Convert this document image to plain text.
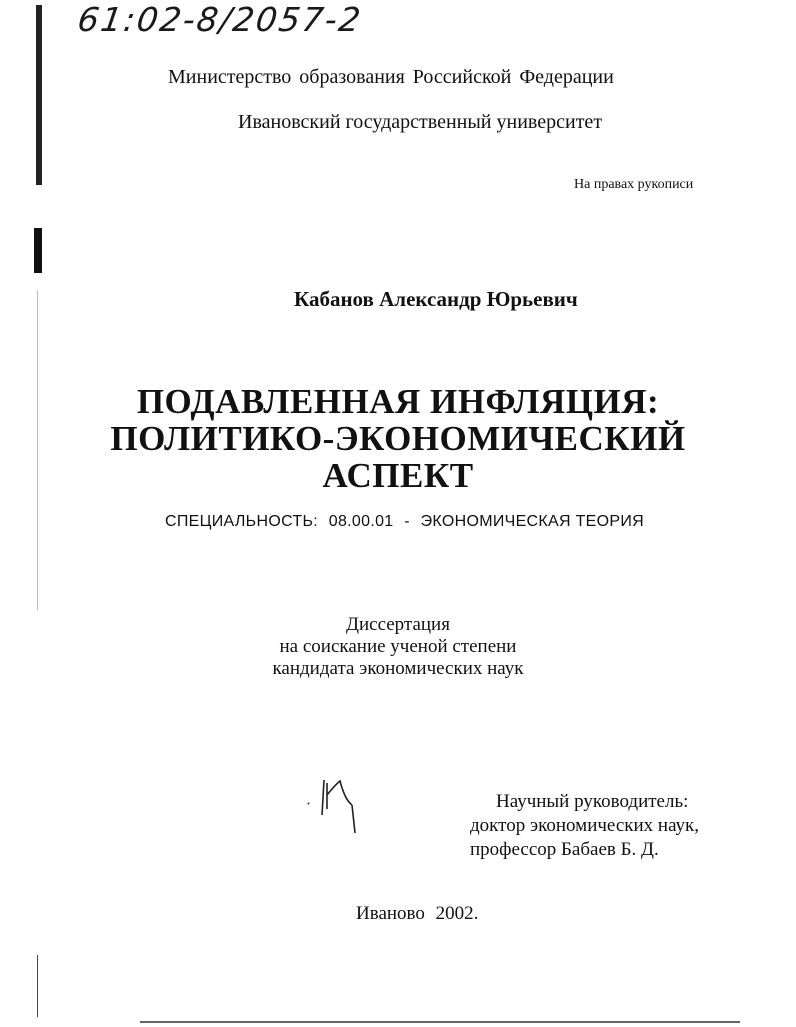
61:02-8/2057-2
Министерство образования Российской Федерации
Ивановский государственный университет
На правах рукописи
Кабанов Александр Юрьевич
ПОДАВЛЕННАЯ ИНФЛЯЦИЯ:
ПОЛИТИКО-ЭКОНОМИЧЕСКИЙ
АСПЕКТ
СПЕЦИАЛЬНОСТЬ: 08.00.01 - ЭКОНОМИЧЕСКАЯ ТЕОРИЯ
Диссертация
на соискание ученой степени
кандидата экономических наук
Научный руководитель:
доктор экономических наук,
профессор Бабаев Б. Д.
Иваново 2002.
